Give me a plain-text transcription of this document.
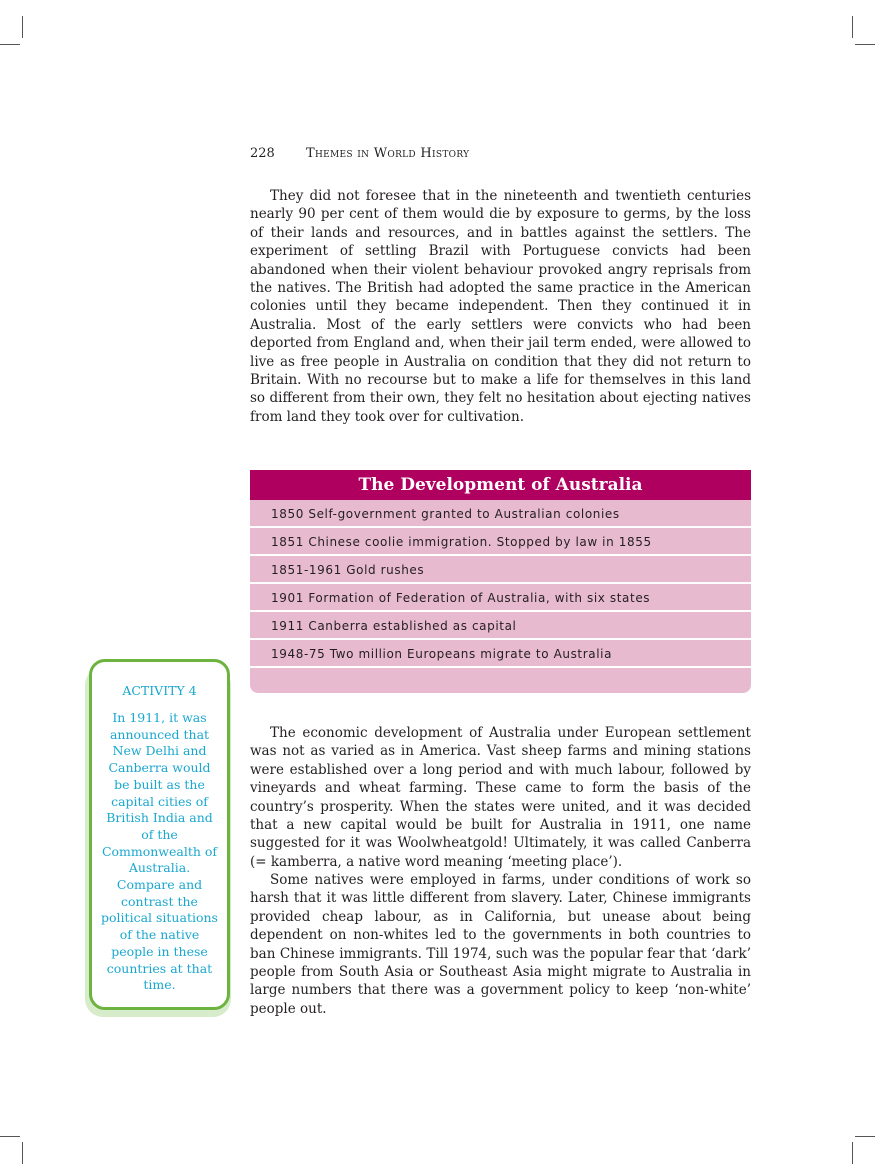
228 Themes in World History

They did not foresee that in the nineteenth and twentieth centuries nearly 90 per cent of them would die by exposure to germs, by the loss of their lands and resources, and in battles against the settlers. The experiment of settling Brazil with Portuguese convicts had been abandoned when their violent behaviour provoked angry reprisals from the natives. The British had adopted the same practice in the American colonies until they became independent. Then they continued it in Australia. Most of the early settlers were convicts who had been deported from England and, when their jail term ended, were allowed to live as free people in Australia on condition that they did not return to Britain. With no recourse but to make a life for themselves in this land so different from their own, they felt no hesitation about ejecting natives from land they took over for cultivation.

The Development of Australia
1850 Self-government granted to Australian colonies
1851 Chinese coolie immigration. Stopped by law in 1855
1851-1961 Gold rushes
1901 Formation of Federation of Australia, with six states
1911 Canberra established as capital
1948-75 Two million Europeans migrate to Australia
ACTIVITY 4

In 1911, it was announced that New Delhi and Canberra would be built as the capital cities of British India and of the Commonwealth of Australia. Compare and contrast the political situations of the native people in these countries at that time.

The economic development of Australia under European settlement was not as varied as in America. Vast sheep farms and mining stations were established over a long period and with much labour, followed by vineyards and wheat farming. These came to form the basis of the country’s prosperity. When the states were united, and it was decided that a new capital would be built for Australia in 1911, one name suggested for it was Woolwheatgold! Ultimately, it was called Canberra (= kamberra, a native word meaning ‘meeting place’).

Some natives were employed in farms, under conditions of work so harsh that it was little different from slavery. Later, Chinese immigrants provided cheap labour, as in California, but unease about being dependent on non-whites led to the governments in both countries to ban Chinese immigrants. Till 1974, such was the popular fear that ‘dark’ people from South Asia or Southeast Asia might migrate to Australia in large numbers that there was a government policy to keep ‘non-white’ people out.
